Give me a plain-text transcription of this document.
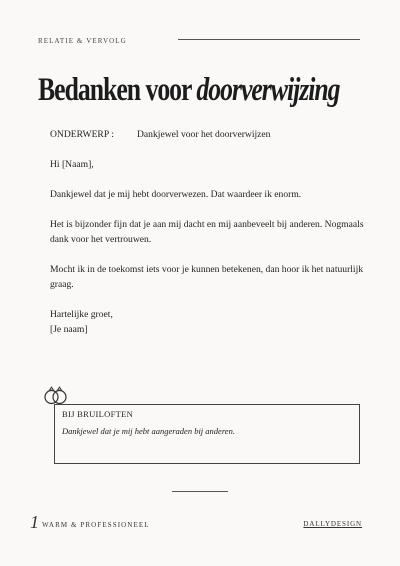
RELATIE & VERVOLG
Bedanken voor doorverwijzing
ONDERWERP :	Dankjewel voor het doorverwijzen

Hi [Naam],

Dankjewel dat je mij hebt doorverwezen. Dat waardeer ik enorm.

Het is bijzonder fijn dat je aan mij dacht en mij aanbeveelt bij anderen. Nogmaals dank voor het vertrouwen.

Mocht ik in de toekomst iets voor je kunnen betekenen, dan hoor ik het natuurlijk graag.

Hartelijke groet,
[Je naam]
BIJ BRUILOFTEN
Dankjewel dat je mij hebt aangeraden bij anderen.
1 WARM & PROFESSIONEEL	DALLYDESIGN
